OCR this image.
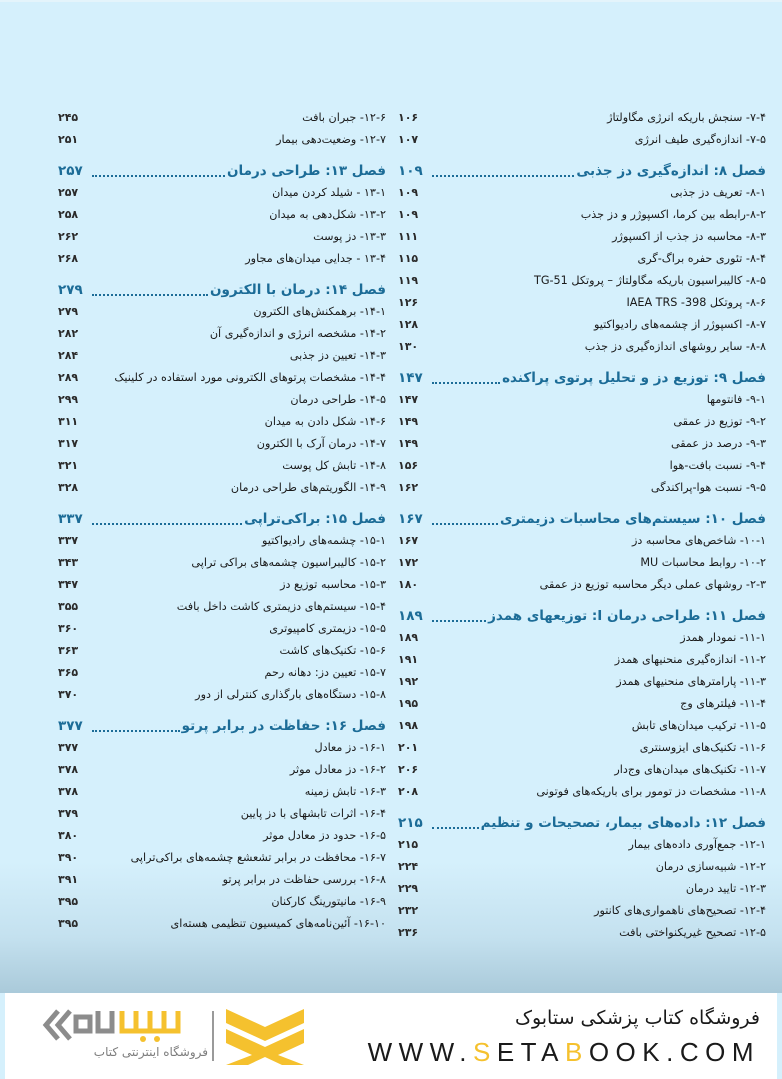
۷-۴- سنجش باریکه انرژی مگاولتاژ
۱۰۶
۷-۵- اندازه‌گیری طیف انرژی
۱۰۷
فصل ۸: اندازه‌گیری دز جذبی
۱۰۹
۸-۱- تعریف دز جذبی
۱۰۹
۸-۲-رابطه بین کرما، اکسپوژر و دز جذب
۱۰۹
۸-۳- محاسبه دز جذب از اکسپوژر
۱۱۱
۸-۴- تئوری حفره براگ-گری
۱۱۵
۸-۵- کالیبراسیون باریکه مگاولتاژ – پروتکل TG-51
۱۱۹
۸-۶- پروتکل IAEA TRS -398
۱۲۶
۸-۷- اکسپوژر از چشمه‌های رادیواکتیو
۱۲۸
۸-۸- سایر روشهای اندازه‌گیری دز جذب
۱۳۰
فصل ۹: توزیع دز و تحلیل پرتوی پراکنده
۱۴۷
۹-۱- فانتومها
۱۴۷
۹-۲- توزیع دز عمقی
۱۴۹
۹-۳- درصد دز عمقی
۱۴۹
۹-۴- نسبت بافت-هوا
۱۵۶
۹-۵- نسبت هوا-پراکندگی
۱۶۲
فصل ۱۰: سیستم‌های محاسبات دزیمتری
۱۶۷
۱۰-۱- شاخص‌های محاسبه دز
۱۶۷
۱۰-۲- روابط محاسبات MU
۱۷۲
۲-۳- روشهای عملی دیگر محاسبه توزیع دز عمقی
۱۸۰
فصل ۱۱: طراحی درمان I: توزیعهای همدز
۱۸۹
۱۱-۱- نمودار همدز
۱۸۹
۱۱-۲- اندازه‌گیری منحنیهای همدز
۱۹۱
۱۱-۳- پارامترهای منحنیهای همدز
۱۹۲
۱۱-۴- فیلترهای وج
۱۹۵
۱۱-۵- ترکیب میدان‌های تابش
۱۹۸
۱۱-۶- تکنیک‌های ایزوسنتری
۲۰۱
۱۱-۷- تکنیک‌های میدان‌های وج‌دار
۲۰۶
۱۱-۸- مشخصات دز تومور برای باریکه‌های فوتونی
۲۰۸
فصل ۱۲: داده‌های بیمار، تصحیحات و تنظیم
۲۱۵
۱۲-۱- جمع‌آوری داده‌های بیمار
۲۱۵
۱۲-۲- شبیه‌سازی درمان
۲۲۴
۱۲-۳- تایید درمان
۲۲۹
۱۲-۴- تصحیح‌های ناهمواری‌های کانتور
۲۳۲
۱۲-۵- تصحیح غیریکنواختی بافت
۲۳۶
۱۲-۶- جبران بافت
۲۴۵
۱۲-۷- وضعیت‌دهی بیمار
۲۵۱
فصل ۱۳: طراحی درمان
۲۵۷
۱۳-۱ - شیلد کردن میدان
۲۵۷
۱۳-۲- شکل‌دهی به میدان
۲۵۸
۱۳-۳- دز پوست
۲۶۲
۱۳-۴ - جدایی میدان‌های مجاور
۲۶۸
فصل ۱۴: درمان با الکترون
۲۷۹
۱۴-۱- برهمکنش‌های الکترون
۲۷۹
۱۴-۲- مشخصه انرژی و اندازه‌گیری آن
۲۸۲
۱۴-۳- تعیین دز جذبی
۲۸۴
۱۴-۴- مشخصات پرتوهای الکترونی مورد استفاده در کلینیک
۲۸۹
۱۴-۵- طراحی درمان
۲۹۹
۱۴-۶- شکل دادن به میدان
۳۱۱
۱۴-۷- درمان آرک با الکترون
۳۱۷
۱۴-۸- تابش کل پوست
۳۲۱
۱۴-۹- الگوریتم‌های طراحی درمان
۳۲۸
فصل ۱۵: براکی‌تراپی
۳۳۷
۱۵-۱- چشمه‌های رادیواکتیو
۳۳۷
۱۵-۲- کالیبراسیون چشمه‌های براکی تراپی
۳۴۳
۱۵-۳- محاسبه توزیع دز
۳۴۷
۱۵-۴- سیستم‌های دزیمتری کاشت داخل بافت
۳۵۵
۱۵-۵- دزیمتری کامپیوتری
۳۶۰
۱۵-۶- تکنیک‌های کاشت
۳۶۳
۱۵-۷- تعیین دز: دهانه رحم
۳۶۵
۱۵-۸- دستگاه‌های بارگذاری کنترلی از دور
۳۷۰
فصل ۱۶: حفاظت در برابر پرتو
۳۷۷
۱۶-۱- دز معادل
۳۷۷
۱۶-۲- دز معادل موثر
۳۷۸
۱۶-۳- تابش زمینه
۳۷۸
۱۶-۴- اثرات تابشهای با دز پایین
۳۷۹
۱۶-۵- حدود دز معادل موثر
۳۸۰
۱۶-۷- محافظت در برابر تشعشع چشمه‌های براکی‌تراپی
۳۹۰
۱۶-۸- بررسی حفاظت در برابر پرتو
۳۹۱
۱۶-۹- مانیتورینگ کارکنان
۳۹۵
۱۶-۱۰- آئین‌نامه‌های کمیسیون تنظیمی هسته‌ای
۳۹۵
فروشگاه اینترنتی کتاب
فروشگاه کتاب پزشکی ستابوک
WWW.SETABOOK.COM
